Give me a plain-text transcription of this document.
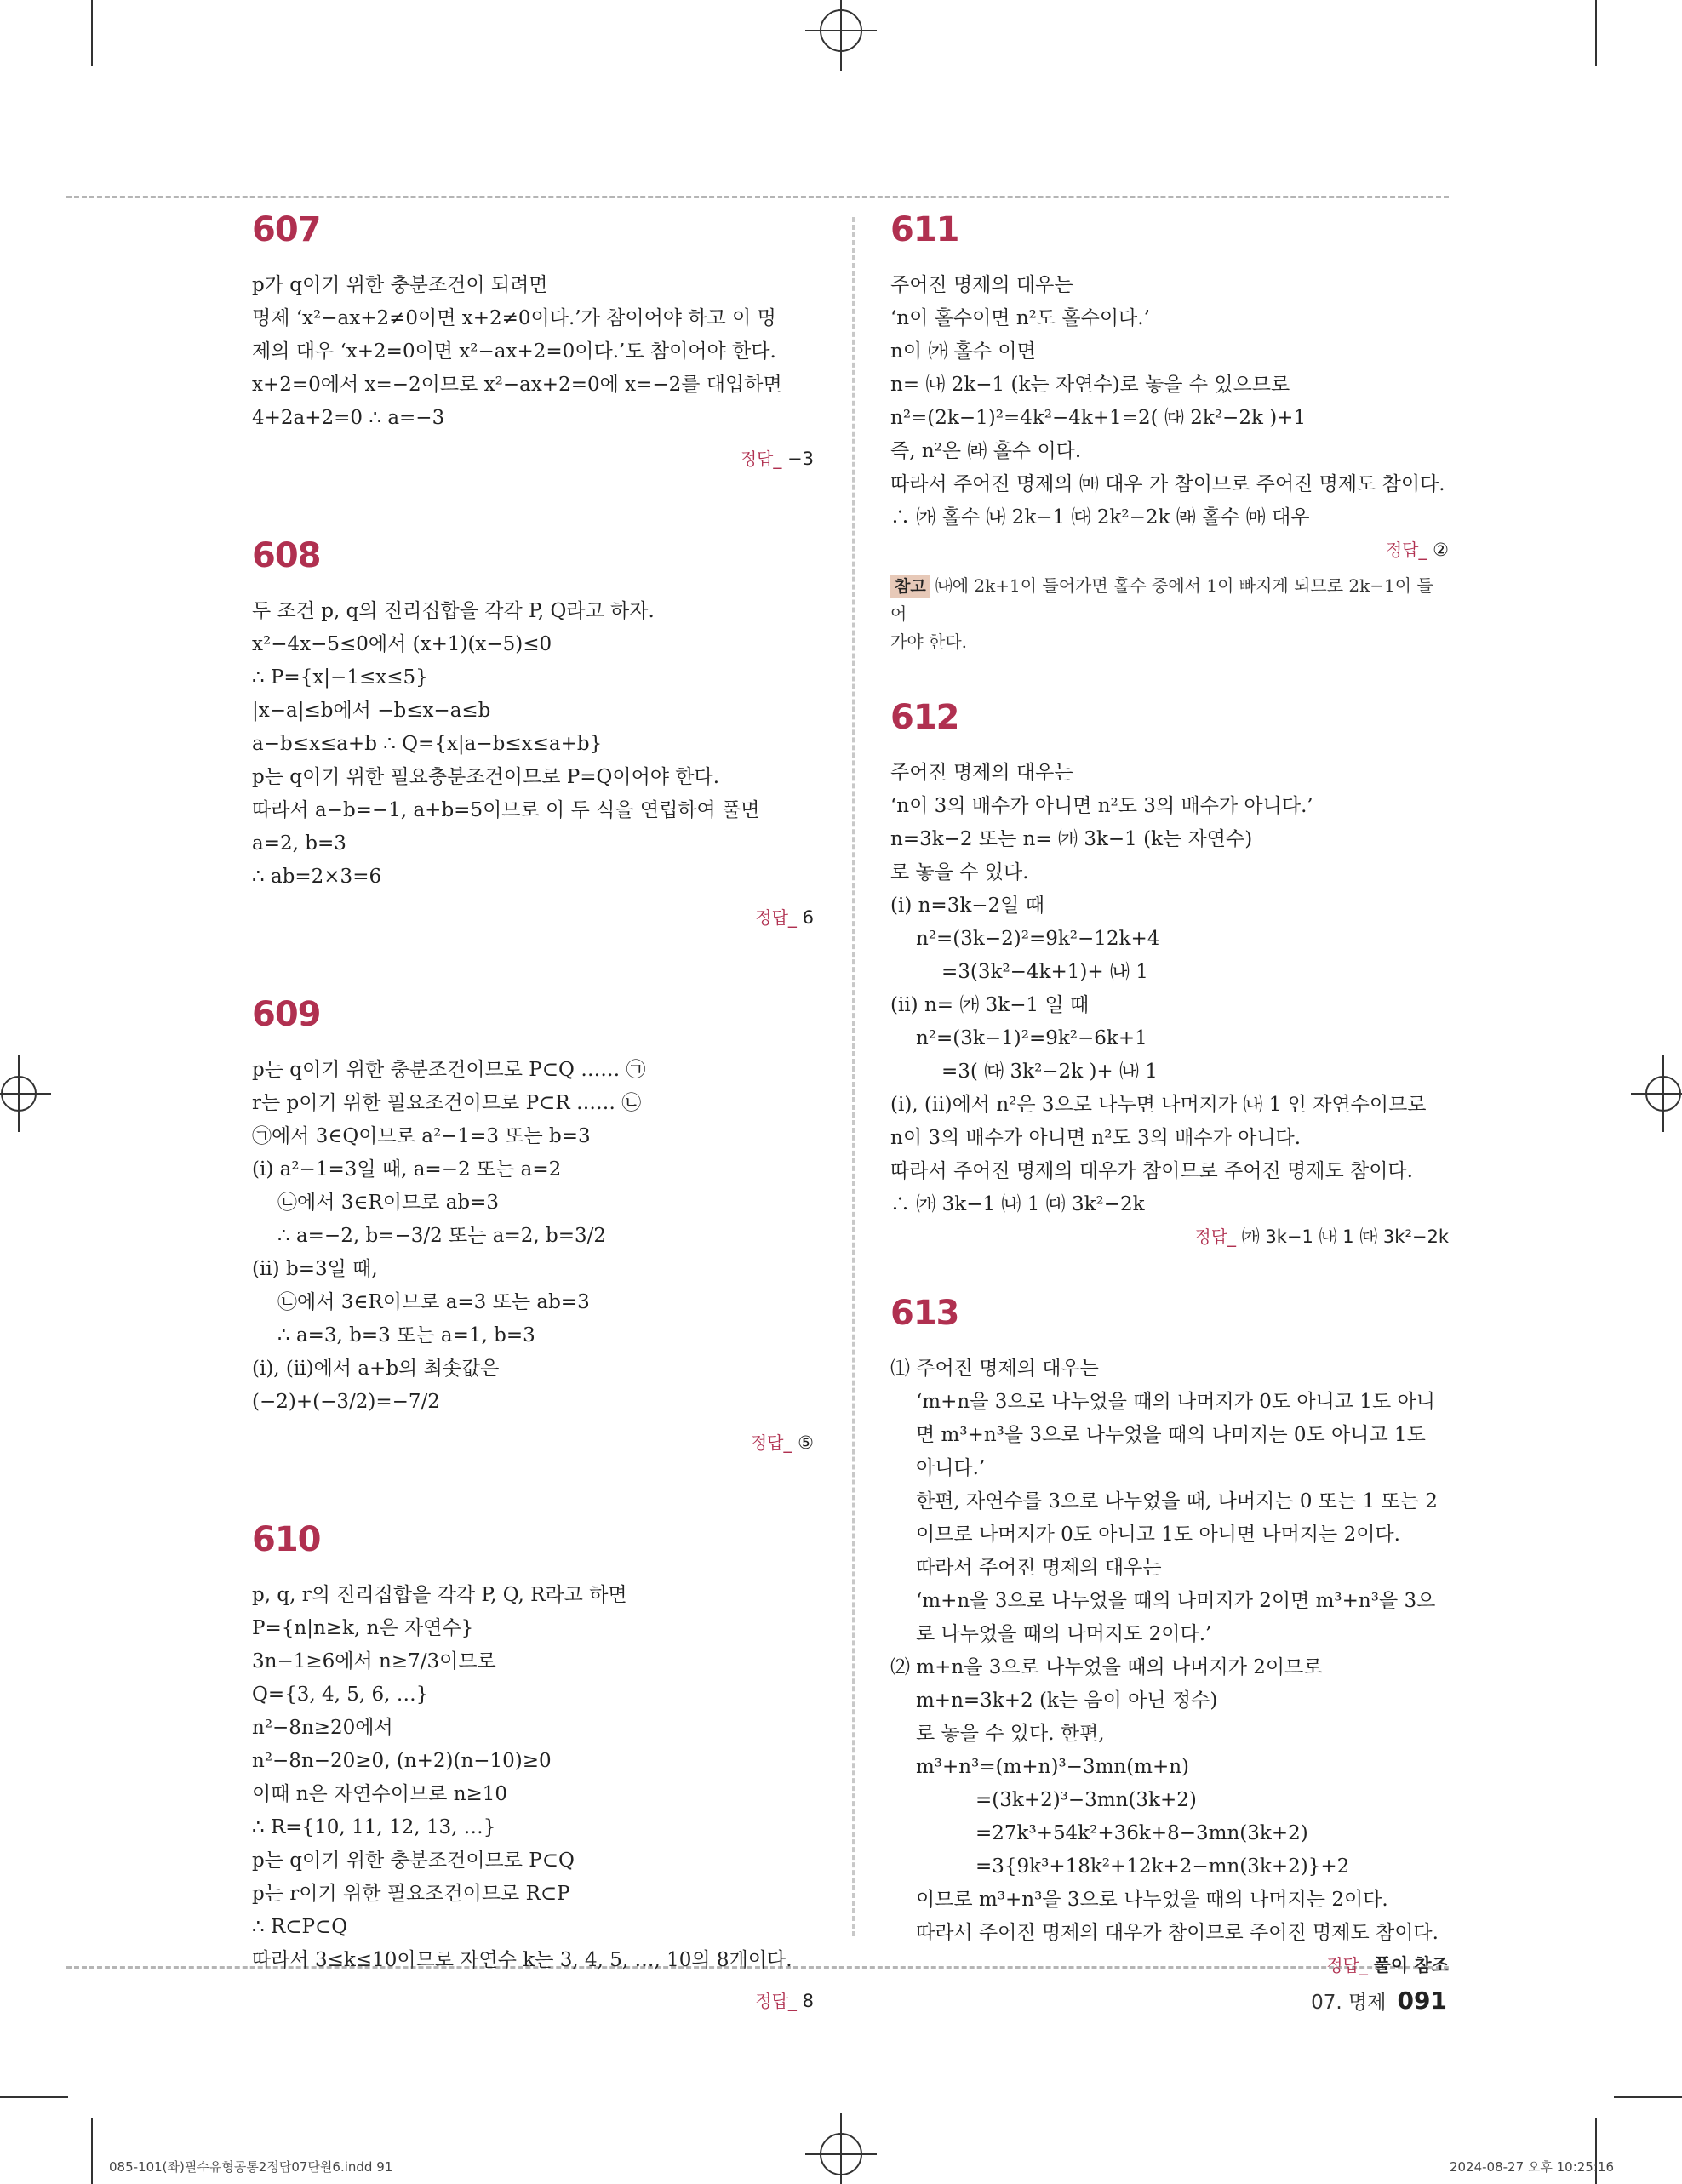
607
p가 q이기 위한 충분조건이 되려면
명제 ‘x²−ax+2≠0이면 x+2≠0이다.’가 참이어야 하고 이 명
제의 대우 ‘x+2=0이면 x²−ax+2=0이다.’도 참이어야 한다.
x+2=0에서 x=−2이므로 x²−ax+2=0에 x=−2를 대입하면
4+2a+2=0 ∴ a=−3
정답_ −3
608
두 조건 p, q의 진리집합을 각각 P, Q라고 하자.
x²−4x−5≤0에서 (x+1)(x−5)≤0
∴ P={x|−1≤x≤5}
|x−a|≤b에서 −b≤x−a≤b
a−b≤x≤a+b ∴ Q={x|a−b≤x≤a+b}
p는 q이기 위한 필요충분조건이므로 P=Q이어야 한다.
따라서 a−b=−1, a+b=5이므로 이 두 식을 연립하여 풀면
a=2, b=3
∴ ab=2×3=6
정답_ 6
609
p는 q이기 위한 충분조건이므로 P⊂Q …… ㉠
r는 p이기 위한 필요조건이므로 P⊂R …… ㉡
㉠에서 3∈Q이므로 a²−1=3 또는 b=3
(ⅰ) a²−1=3일 때, a=−2 또는 a=2
㉡에서 3∈R이므로 ab=3
∴ a=−2, b=−3/2 또는 a=2, b=3/2
(ⅱ) b=3일 때,
㉡에서 3∈R이므로 a=3 또는 ab=3
∴ a=3, b=3 또는 a=1, b=3
(ⅰ), (ⅱ)에서 a+b의 최솟값은
(−2)+(−3/2)=−7/2
정답_ ⑤
610
p, q, r의 진리집합을 각각 P, Q, R라고 하면
P={n|n≥k, n은 자연수}
3n−1≥6에서 n≥7/3이므로
Q={3, 4, 5, 6, …}
n²−8n≥20에서
n²−8n−20≥0, (n+2)(n−10)≥0
이때 n은 자연수이므로 n≥10
∴ R={10, 11, 12, 13, …}
p는 q이기 위한 충분조건이므로 P⊂Q
p는 r이기 위한 필요조건이므로 R⊂P
∴ R⊂P⊂Q
따라서 3≤k≤10이므로 자연수 k는 3, 4, 5, …, 10의 8개이다.
정답_ 8
611
주어진 명제의 대우는
‘n이 홀수이면 n²도 홀수이다.’
n이 ㈎ 홀수 이면
n= ㈏ 2k−1 (k는 자연수)로 놓을 수 있으므로
n²=(2k−1)²=4k²−4k+1=2( ㈐ 2k²−2k )+1
즉, n²은 ㈑ 홀수 이다.
따라서 주어진 명제의 ㈒ 대우 가 참이므로 주어진 명제도 참이다.
∴ ㈎ 홀수 ㈏ 2k−1 ㈐ 2k²−2k ㈑ 홀수 ㈒ 대우
정답_ ②
참고 ㈏에 2k+1이 들어가면 홀수 중에서 1이 빠지게 되므로 2k−1이 들어
가야 한다.
612
주어진 명제의 대우는
‘n이 3의 배수가 아니면 n²도 3의 배수가 아니다.’
n=3k−2 또는 n= ㈎ 3k−1 (k는 자연수)
로 놓을 수 있다.
(ⅰ) n=3k−2일 때
n²=(3k−2)²=9k²−12k+4
=3(3k²−4k+1)+ ㈏ 1
(ⅱ) n= ㈎ 3k−1 일 때
n²=(3k−1)²=9k²−6k+1
=3( ㈐ 3k²−2k )+ ㈏ 1
(ⅰ), (ⅱ)에서 n²은 3으로 나누면 나머지가 ㈏ 1 인 자연수이므로
n이 3의 배수가 아니면 n²도 3의 배수가 아니다.
따라서 주어진 명제의 대우가 참이므로 주어진 명제도 참이다.
∴ ㈎ 3k−1 ㈏ 1 ㈐ 3k²−2k
정답_ ㈎ 3k−1 ㈏ 1 ㈐ 3k²−2k
613
⑴ 주어진 명제의 대우는
‘m+n을 3으로 나누었을 때의 나머지가 0도 아니고 1도 아니
면 m³+n³을 3으로 나누었을 때의 나머지는 0도 아니고 1도
아니다.’
한편, 자연수를 3으로 나누었을 때, 나머지는 0 또는 1 또는 2
이므로 나머지가 0도 아니고 1도 아니면 나머지는 2이다.
따라서 주어진 명제의 대우는
‘m+n을 3으로 나누었을 때의 나머지가 2이면 m³+n³을 3으
로 나누었을 때의 나머지도 2이다.’
⑵ m+n을 3으로 나누었을 때의 나머지가 2이므로
m+n=3k+2 (k는 음이 아닌 정수)
로 놓을 수 있다. 한편,
m³+n³=(m+n)³−3mn(m+n)
=(3k+2)³−3mn(3k+2)
=27k³+54k²+36k+8−3mn(3k+2)
=3{9k³+18k²+12k+2−mn(3k+2)}+2
이므로 m³+n³을 3으로 나누었을 때의 나머지는 2이다.
따라서 주어진 명제의 대우가 참이므로 주어진 명제도 참이다.
정답_ 풀이 참조
07. 명제 091
085-101(좌)필수유형공통2정답07단원6.indd 91	2024-08-27 오후 10:25:16
